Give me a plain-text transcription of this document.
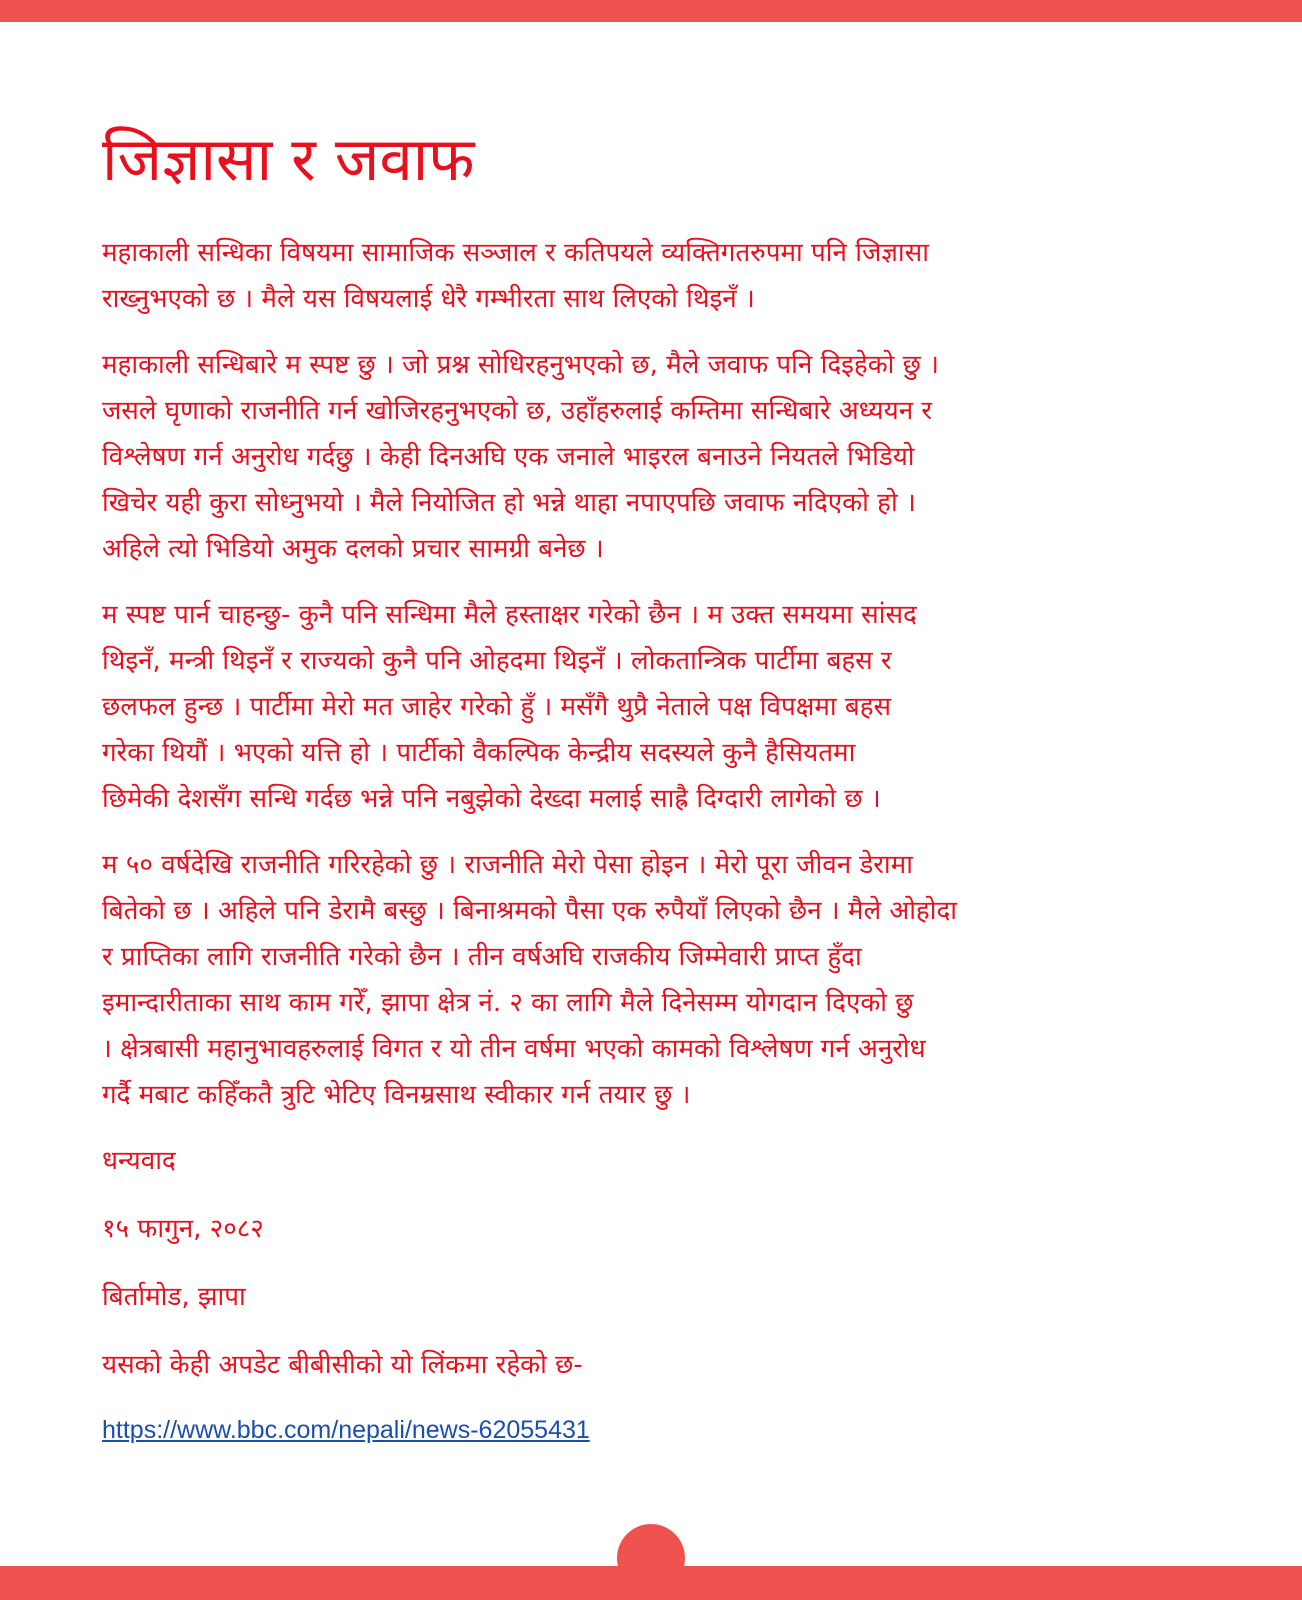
जिज्ञासा र जवाफ
महाकाली सन्धिका विषयमा सामाजिक सञ्जाल र कतिपयले व्यक्तिगतरुपमा पनि जिज्ञासा
राख्नुभएको छ । मैले यस विषयलाई धेरै गम्भीरता साथ लिएको थिइनँ ।
महाकाली सन्धिबारे म स्पष्ट छु । जो प्रश्न सोधिरहनुभएको छ, मैले जवाफ पनि दिइहेको छु ।
जसले घृणाको राजनीति गर्न खोजिरहनुभएको छ, उहाँहरुलाई कम्तिमा सन्धिबारे अध्ययन र
विश्लेषण गर्न अनुरोध गर्दछु । केही दिनअघि एक जनाले भाइरल बनाउने नियतले भिडियो
खिचेर यही कुरा सोध्नुभयो । मैले नियोजित हो भन्ने थाहा नपाएपछि जवाफ नदिएको हो ।
अहिले त्यो भिडियो अमुक दलको प्रचार सामग्री बनेछ ।
म स्पष्ट पार्न चाहन्छु- कुनै पनि सन्धिमा मैले हस्ताक्षर गरेको छैन । म उक्त समयमा सांसद
थिइनँ, मन्त्री थिइनँ र राज्यको कुनै पनि ओहदमा थिइनँ । लोकतान्त्रिक पार्टीमा बहस र
छलफल हुन्छ । पार्टीमा मेरो मत जाहेर गरेको हुँ । मसँगै थुप्रै नेताले पक्ष विपक्षमा बहस
गरेका थियौं । भएको यत्ति हो । पार्टीको वैकल्पिक केन्द्रीय सदस्यले कुनै हैसियतमा
छिमेकी देशसँग सन्धि गर्दछ भन्ने पनि नबुझेको देख्दा मलाई साह्रै दिग्दारी लागेको छ ।
म ५० वर्षदेखि राजनीति गरिरहेको छु । राजनीति मेरो पेसा होइन । मेरो पूरा जीवन डेरामा
बितेको छ । अहिले पनि डेरामै बस्छु । बिनाश्रमको पैसा एक रुपैयाँ लिएको छैन । मैले ओहोदा
र प्राप्तिका लागि राजनीति गरेको छैन । तीन वर्षअघि राजकीय जिम्मेवारी प्राप्त हुँदा
इमान्दारीताका साथ काम गरेँ, झापा क्षेत्र नं. २ का लागि मैले दिनेसम्म योगदान दिएको छु
। क्षेत्रबासी महानुभावहरुलाई विगत र यो तीन वर्षमा भएको कामको विश्लेषण गर्न अनुरोध
गर्दै मबाट कहिँकतै त्रुटि भेटिए विनम्रसाथ स्वीकार गर्न तयार छु ।
धन्यवाद
१५ फागुन, २०८२
बिर्तामोड, झापा
यसको केही अपडेट बीबीसीको यो लिंकमा रहेको छ-
https://www.bbc.com/nepali/news-62055431
